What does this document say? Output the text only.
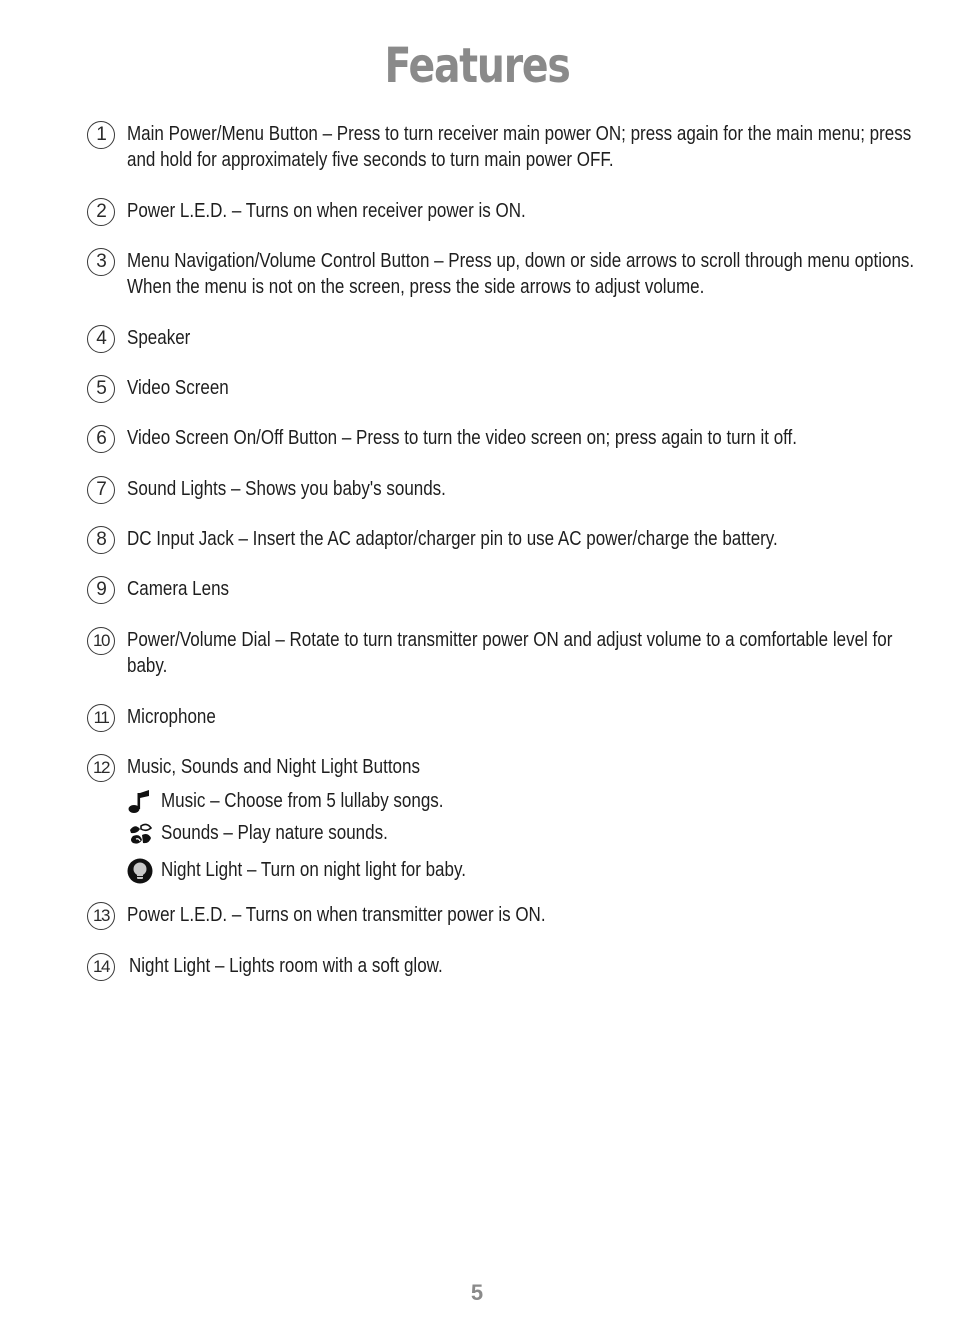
Features
1	Main Power/Menu Button – Press to turn receiver main power ON; press again for the main menu; press and hold for approximately five seconds to turn main power OFF.
2	Power L.E.D. – Turns on when receiver power is ON.
3	Menu Navigation/Volume Control Button – Press up, down or side arrows to scroll through menu options. When the menu is not on the screen, press the side arrows to adjust volume.
4	Speaker
5	Video Screen
6	Video Screen On/Off Button – Press to turn the video screen on; press again to turn it off.
7	Sound Lights – Shows you baby's sounds.
8	DC Input Jack – Insert the AC adaptor/charger pin to use AC power/charge the battery.
9	Camera Lens
10 Power/Volume Dial – Rotate to turn transmitter power ON and adjust volume to a comfortable level for baby.
11 Microphone
12 Music, Sounds and Night Light Buttons
Music – Choose from 5 lullaby songs.
Sounds – Play nature sounds.
Night Light – Turn on night light for baby.
13 Power L.E.D. – Turns on when transmitter power is ON.
14	Night Light – Lights room with a soft glow.
5
